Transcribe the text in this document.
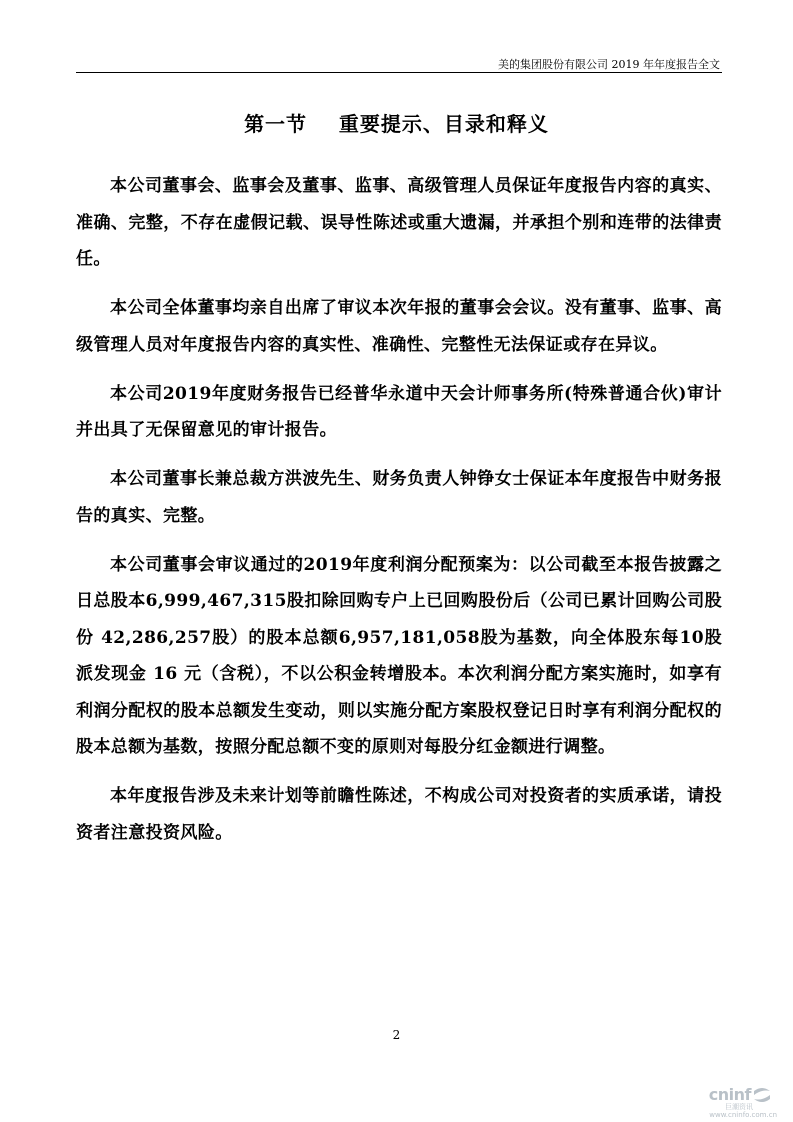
美的集团股份有限公司 2019 年年度报告全文
第一节    重要提示、目录和释义

本公司董事会、监事会及董事、监事、高级管理人员保证年度报告内容的真实、准确、完整，不存在虚假记载、误导性陈述或重大遗漏，并承担个别和连带的法律责任。

本公司全体董事均亲自出席了审议本次年报的董事会会议。没有董事、监事、高级管理人员对年度报告内容的真实性、准确性、完整性无法保证或存在异议。

本公司2019年度财务报告已经普华永道中天会计师事务所(特殊普通合伙)审计并出具了无保留意见的审计报告。

本公司董事长兼总裁方洪波先生、财务负责人钟铮女士保证本年度报告中财务报告的真实、完整。

本公司董事会审议通过的2019年度利润分配预案为：以公司截至本报告披露之日总股本6,999,467,315股扣除回购专户上已回购股份后（公司已累计回购公司股份 42,286,257股）的股本总额6,957,181,058股为基数，向全体股东每10股派发现金 16 元（含税），不以公积金转增股本。本次利润分配方案实施时，如享有利润分配权的股本总额发生变动，则以实施分配方案股权登记日时享有利润分配权的股本总额为基数，按照分配总额不变的原则对每股分红金额进行调整。

本年度报告涉及未来计划等前瞻性陈述，不构成公司对投资者的实质承诺，请投资者注意投资风险。

2
cninf
巨潮资讯
www.cninfo.com.cn
